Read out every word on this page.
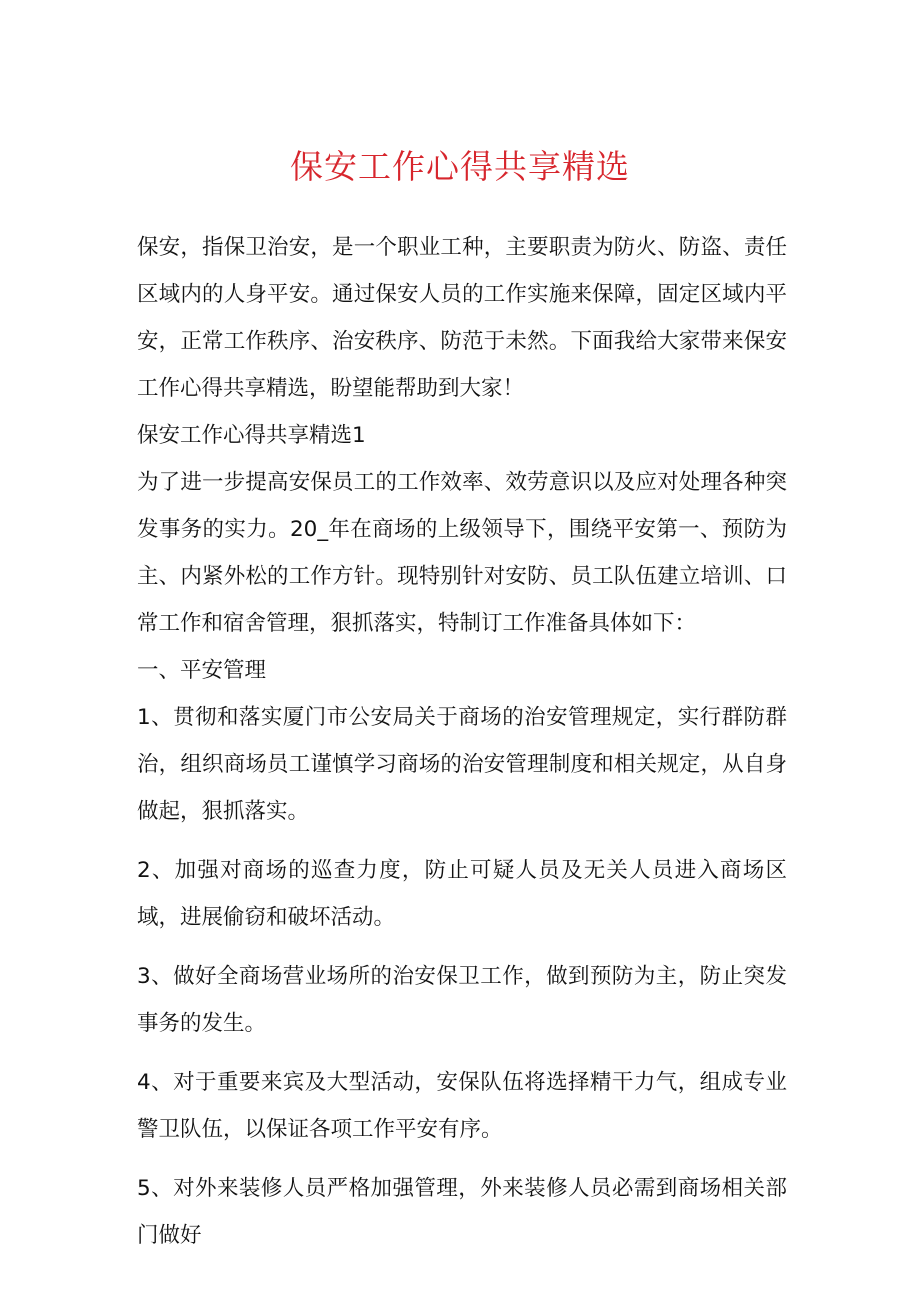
保安工作心得共享精选

保安，指保卫治安，是一个职业工种，主要职责为防火、防盗、责任区域内的人身平安。通过保安人员的工作实施来保障，固定区域内平安，正常工作秩序、治安秩序、防范于未然。下面我给大家带来保安工作心得共享精选，盼望能帮助到大家！

保安工作心得共享精选1

为了进一步提高安保员工的工作效率、效劳意识以及应对处理各种突发事务的实力。20_年在商场的上级领导下，围绕平安第一、预防为主、内紧外松的工作方针。现特别针对安防、员工队伍建立培训、口常工作和宿舍管理，狠抓落实，特制订工作准备具体如下：

一、平安管理

1、贯彻和落实厦门市公安局关于商场的治安管理规定，实行群防群治，组织商场员工谨慎学习商场的治安管理制度和相关规定，从自身做起，狠抓落实。

2、加强对商场的巡查力度，防止可疑人员及无关人员进入商场区域，进展偷窃和破坏活动。

3、做好全商场营业场所的治安保卫工作，做到预防为主，防止突发事务的发生。

4、对于重要来宾及大型活动，安保队伍将选择精干力气，组成专业警卫队伍，以保证各项工作平安有序。

5、对外来装修人员严格加强管理，外来装修人员必需到商场相关部门做好
